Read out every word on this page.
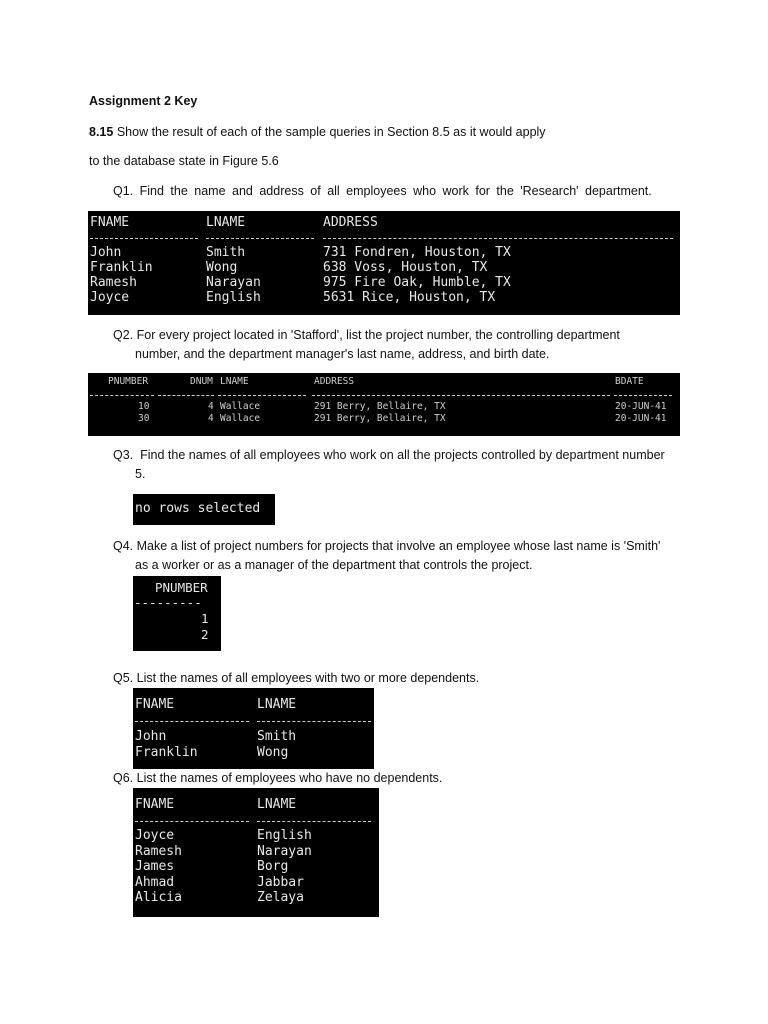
Assignment 2 Key
8.15 Show the result of each of the sample queries in Section 8.5 as it would apply
to the database state in Figure 5.6
Q1. Find the name and address of all employees who work for the 'Research' department.
FNAME	LNAME	ADDRESS
John	Smith	731 Fondren, Houston, TX
Franklin	Wong	638 Voss, Houston, TX
Ramesh	Narayan	975 Fire Oak, Humble, TX
Joyce	English	5631 Rice, Houston, TX
Q2. For every project located in 'Stafford', list the project number, the controlling department
number, and the department manager's last name, address, and birth date.
PNUMBER	DNUM LNAME	ADDRESS	BDATE
10	4 Wallace	291 Berry, Bellaire, TX	20-JUN-41
30	4 Wallace	291 Berry, Bellaire, TX	20-JUN-41
Q3. Find the names of all employees who work on all the projects controlled by department number
5.
no rows selected
Q4. Make a list of project numbers for projects that involve an employee whose last name is 'Smith'
as a worker or as a manager of the department that controls the project.
PNUMBER
---------
1
2
Q5. List the names of all employees with two or more dependents.
FNAME	LNAME
John	Smith
Franklin	Wong
Q6. List the names of employees who have no dependents.
FNAME	LNAME
Joyce	English
Ramesh	Narayan
James	Borg
Ahmad	Jabbar
Alicia	Zelaya
